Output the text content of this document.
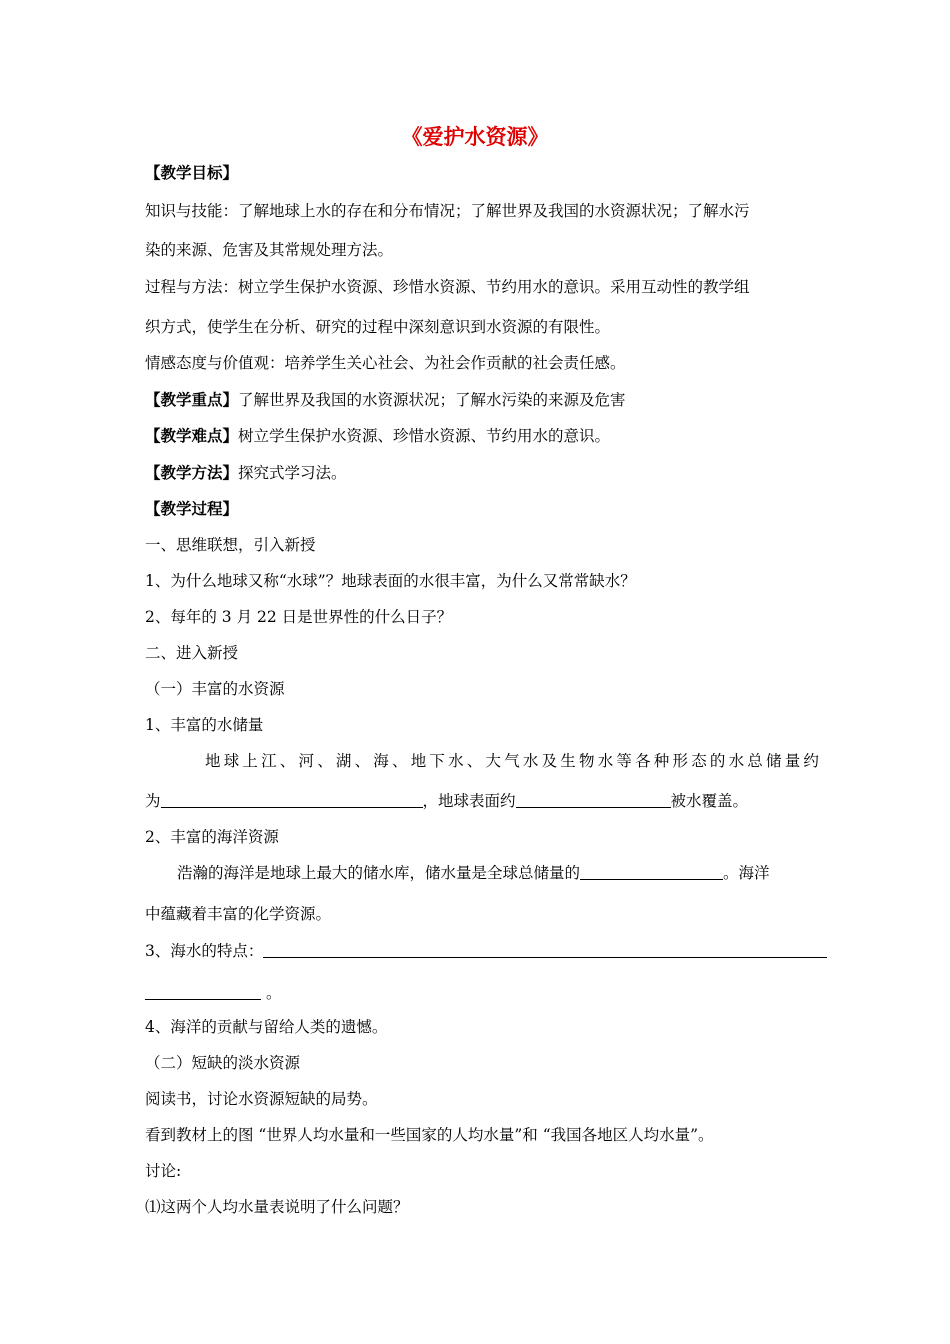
《爱护水资源》
【教学目标】
知识与技能：了解地球上水的存在和分布情况；了解世界及我国的水资源状况；了解水污
染的来源、危害及其常规处理方法。
过程与方法：树立学生保护水资源、珍惜水资源、节约用水的意识。采用互动性的教学组
织方式，使学生在分析、研究的过程中深刻意识到水资源的有限性。
情感态度与价值观：培养学生关心社会、为社会作贡献的社会责任感。
【教学重点】了解世界及我国的水资源状况；了解水污染的来源及危害
【教学难点】树立学生保护水资源、珍惜水资源、节约用水的意识。
【教学方法】探究式学习法。
【教学过程】
一、思维联想，引入新授
1、为什么地球又称“水球”？地球表面的水很丰富，为什么又常常缺水？
2、每年的 3 月 22 日是世界性的什么日子？
二、进入新授
（一）丰富的水资源
1、丰富的水储量
地球上江、河、湖、海、地下水、大气水及生物水等各种形态的水总储量约
为	，地球表面约	被水覆盖。
2、丰富的海洋资源
浩瀚的海洋是地球上最大的储水库，储水量是全球总储量的	。海洋
中蕴藏着丰富的化学资源。
3、海水的特点：
。
4、海洋的贡献与留给人类的遗憾。
（二）短缺的淡水资源
阅读书，讨论水资源短缺的局势。
看到教材上的图 “世界人均水量和一些国家的人均水量”和 “我国各地区人均水量”。
讨论:
⑴这两个人均水量表说明了什么问题？
